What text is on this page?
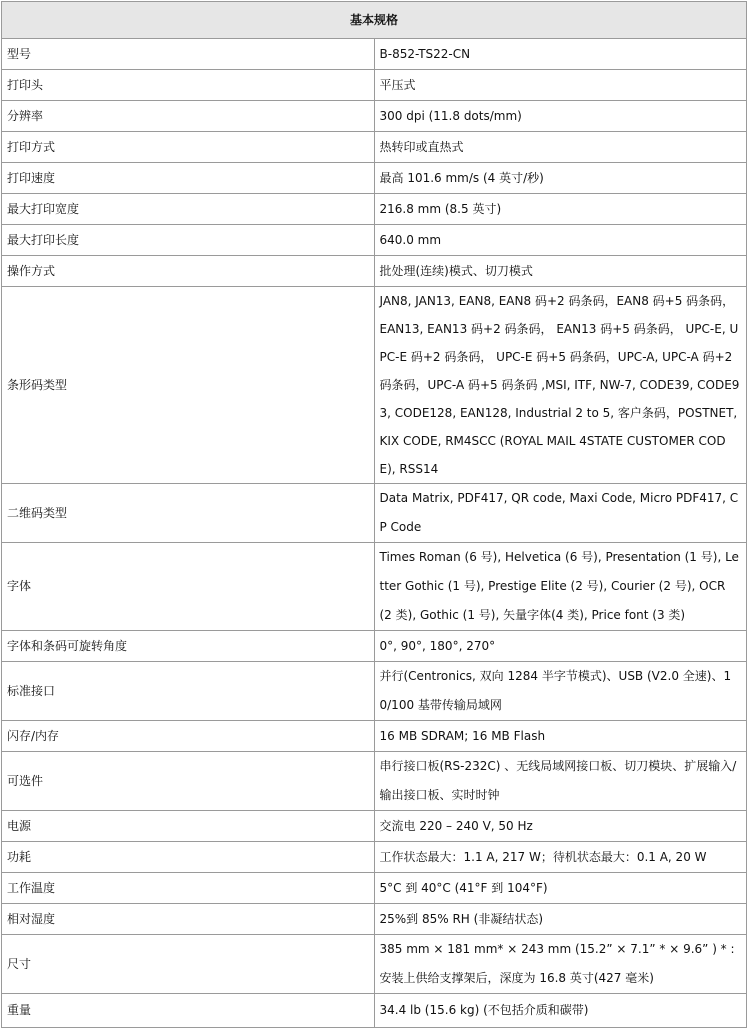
基本规格	
型号	B-852-TS22-CN
打印头	平压式
分辨率	300 dpi (11.8 dots/mm)
打印方式	热转印或直热式
打印速度	最高 101.6 mm/s (4 英寸/秒)
最大打印宽度	216.8 mm (8.5 英寸)
最大打印长度	640.0 mm
操作方式	批处理(连续)模式、切刀模式
条形码类型	JAN8, JAN13, EAN8, EAN8 码+2 码条码，EAN8 码+5 码条码，EAN13, EAN13 码+2 码条码， EAN13 码+5 码条码， UPC-E, UPC-E 码+2 码条码， UPC-E 码+5 码条码，UPC-A, UPC-A 码+2 码条码，UPC-A 码+5 码条码 ,MSI, ITF, NW-7, CODE39, CODE93, CODE128, EAN128, Industrial 2 to 5, 客户条码，POSTNET, KIX CODE, RM4SCC (ROYAL MAIL 4STATE CUSTOMER CODE), RSS14
二维码类型	Data Matrix, PDF417, QR code, Maxi Code, Micro PDF417, CP Code
字体	Times Roman (6 号), Helvetica (6 号), Presentation (1 号), Letter Gothic (1 号), Prestige Elite (2 号), Courier (2 号), OCR (2 类), Gothic (1 号), 矢量字体(4 类), Price font (3 类)
字体和条码可旋转角度	0°, 90°, 180°, 270°
标准接口	并行(Centronics, 双向 1284 半字节模式)、USB (V2.0 全速)、10/100 基带传输局域网
闪存/内存	16 MB SDRAM; 16 MB Flash
可选件	串行接口板(RS-232C) 、无线局域网接口板、切刀模块、扩展输入/输出接口板、实时时钟
电源	交流电 220 – 240 V, 50 Hz
功耗	工作状态最大：1.1 A, 217 W；待机状态最大：0.1 A, 20 W
工作温度	5°C 到 40°C (41°F 到 104°F)
相对湿度	25%到 85% RH (非凝结状态)
尺寸	385 mm × 181 mm* × 243 mm (15.2” × 7.1” * × 9.6” ) * : 安装上供给支撑架后，深度为 16.8 英寸(427 毫米)
重量	34.4 lb (15.6 kg) (不包括介质和碳带)
